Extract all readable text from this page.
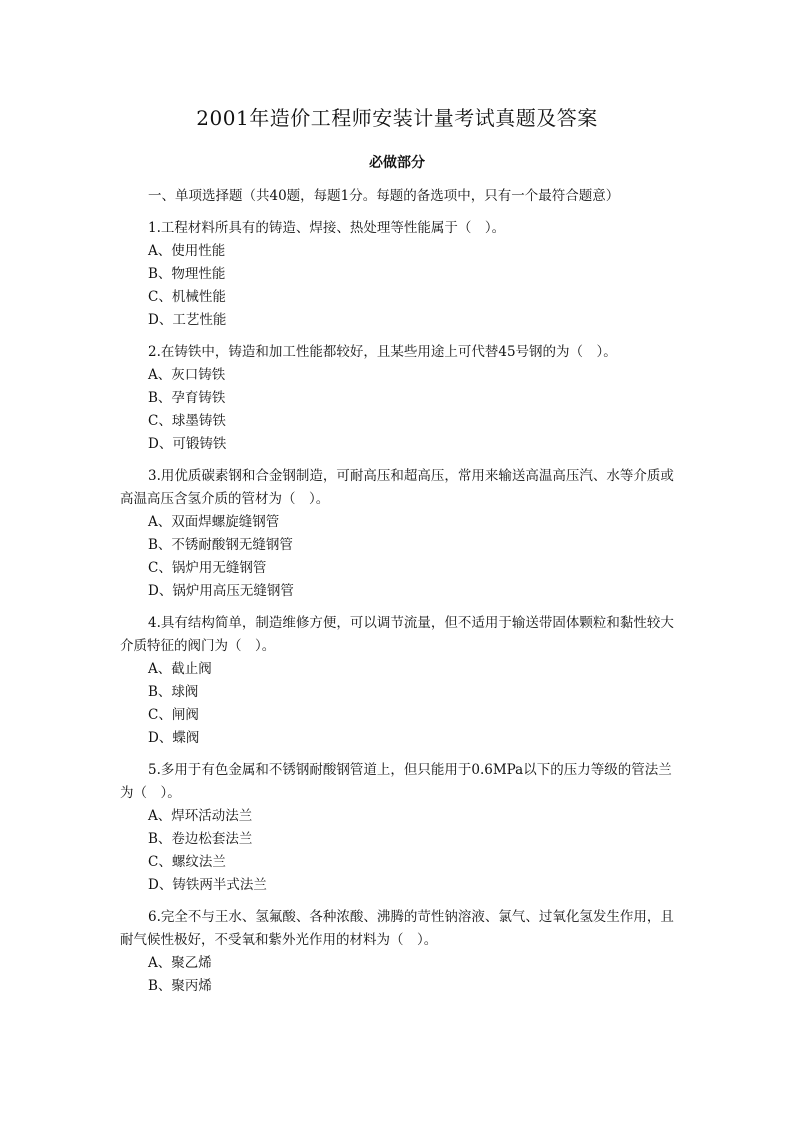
2001年造价工程师安装计量考试真题及答案
必做部分
一、单项选择题（共40题，每题1分。每题的备选项中，只有一个最符合题意）

1.工程材料所具有的铸造、焊接、热处理等性能属于（　）。

A、使用性能
B、物理性能
C、机械性能
D、工艺性能

2.在铸铁中，铸造和加工性能都较好，且某些用途上可代替45号钢的为（　）。

A、灰口铸铁
B、孕育铸铁
C、球墨铸铁
D、可锻铸铁

3.用优质碳素钢和合金钢制造，可耐高压和超高压，常用来输送高温高压汽、水等介质或高温高压含氢介质的管材为（　）。

A、双面焊螺旋缝钢管
B、不锈耐酸钢无缝钢管
C、锅炉用无缝钢管
D、锅炉用高压无缝钢管

4.具有结构简单，制造维修方便，可以调节流量，但不适用于输送带固体颗粒和黏性较大介质特征的阀门为（　）。

A、截止阀
B、球阀
C、闸阀
D、蝶阀

5.多用于有色金属和不锈钢耐酸钢管道上，但只能用于0.6MPa以下的压力等级的管法兰为（　）。

A、焊环活动法兰
B、卷边松套法兰
C、螺纹法兰
D、铸铁两半式法兰

6.完全不与王水、氢氟酸、各种浓酸、沸腾的苛性钠溶液、氯气、过氧化氢发生作用，且耐气候性极好，不受氧和紫外光作用的材料为（　）。

A、聚乙烯
B、聚丙烯
